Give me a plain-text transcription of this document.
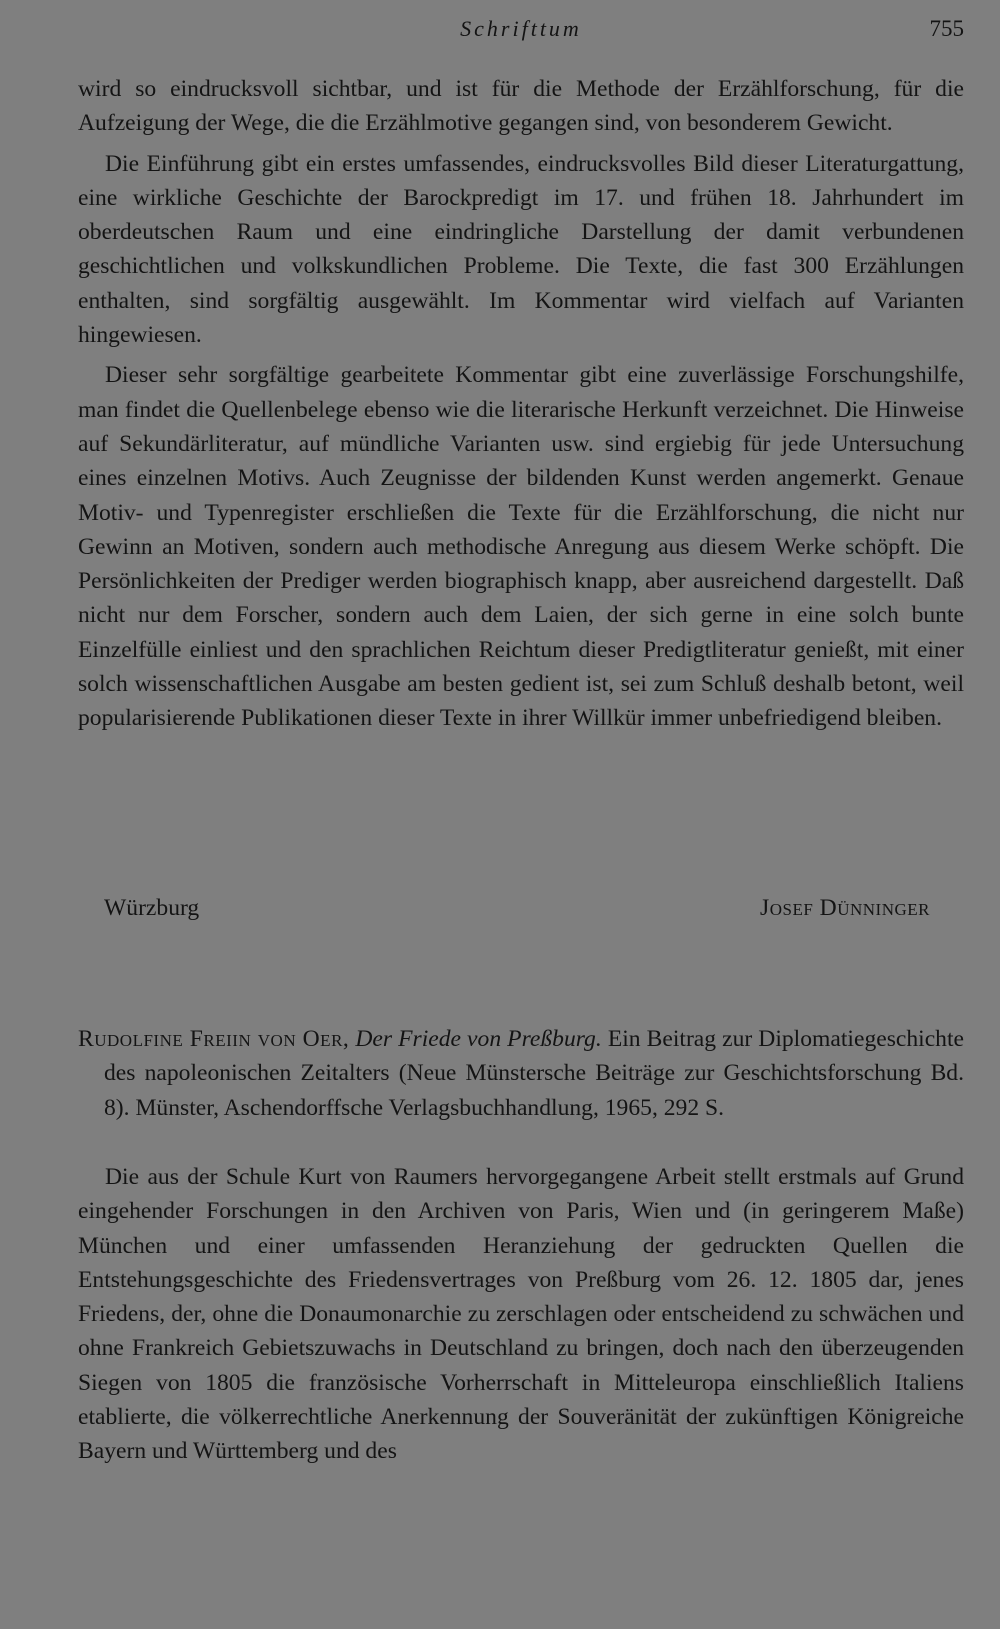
Schrifttum	755

wird so eindrucksvoll sichtbar, und ist für die Methode der Erzählforschung, für die Aufzeigung der Wege, die die Erzählmotive gegangen sind, von besonderem Gewicht.

Die Einführung gibt ein erstes umfassendes, eindrucksvolles Bild dieser Literaturgattung, eine wirkliche Geschichte der Barockpredigt im 17. und frühen 18. Jahrhundert im oberdeutschen Raum und eine eindringliche Darstellung der damit verbundenen geschichtlichen und volkskundlichen Probleme. Die Texte, die fast 300 Erzählungen enthalten, sind sorgfältig ausgewählt. Im Kommentar wird vielfach auf Varianten hingewiesen.

Dieser sehr sorgfältige gearbeitete Kommentar gibt eine zuverlässige Forschungshilfe, man findet die Quellenbelege ebenso wie die literarische Herkunft verzeichnet. Die Hinweise auf Sekundärliteratur, auf mündliche Varianten usw. sind ergiebig für jede Untersuchung eines einzelnen Motivs. Auch Zeugnisse der bildenden Kunst werden angemerkt. Genaue Motiv- und Typenregister erschließen die Texte für die Erzählforschung, die nicht nur Gewinn an Motiven, sondern auch methodische Anregung aus diesem Werke schöpft. Die Persönlichkeiten der Prediger werden biographisch knapp, aber ausreichend dargestellt. Daß nicht nur dem Forscher, sondern auch dem Laien, der sich gerne in eine solch bunte Einzelfülle einliest und den sprachlichen Reichtum dieser Predigtliteratur genießt, mit einer solch wissenschaftlichen Ausgabe am besten gedient ist, sei zum Schluß deshalb betont, weil popularisierende Publikationen dieser Texte in ihrer Willkür immer unbefriedigend bleiben.

Würzburg	Josef Dünninger
Rudolfine Freiin von Oer, Der Friede von Preßburg. Ein Beitrag zur Diplomatiegeschichte des napoleonischen Zeitalters (Neue Münstersche Beiträge zur Geschichtsforschung Bd. 8). Münster, Aschendorffsche Verlagsbuchhandlung, 1965, 292 S.

Die aus der Schule Kurt von Raumers hervorgegangene Arbeit stellt erstmals auf Grund eingehender Forschungen in den Archiven von Paris, Wien und (in geringerem Maße) München und einer umfassenden Heranziehung der gedruckten Quellen die Entstehungsgeschichte des Friedensvertrages von Preßburg vom 26. 12. 1805 dar, jenes Friedens, der, ohne die Donaumonarchie zu zerschlagen oder entscheidend zu schwächen und ohne Frankreich Gebietszuwachs in Deutschland zu bringen, doch nach den überzeugenden Siegen von 1805 die französische Vorherrschaft in Mitteleuropa einschließlich Italiens etablierte, die völkerrechtliche Anerkennung der Souveränität der zukünftigen Königreiche Bayern und Württemberg und des
